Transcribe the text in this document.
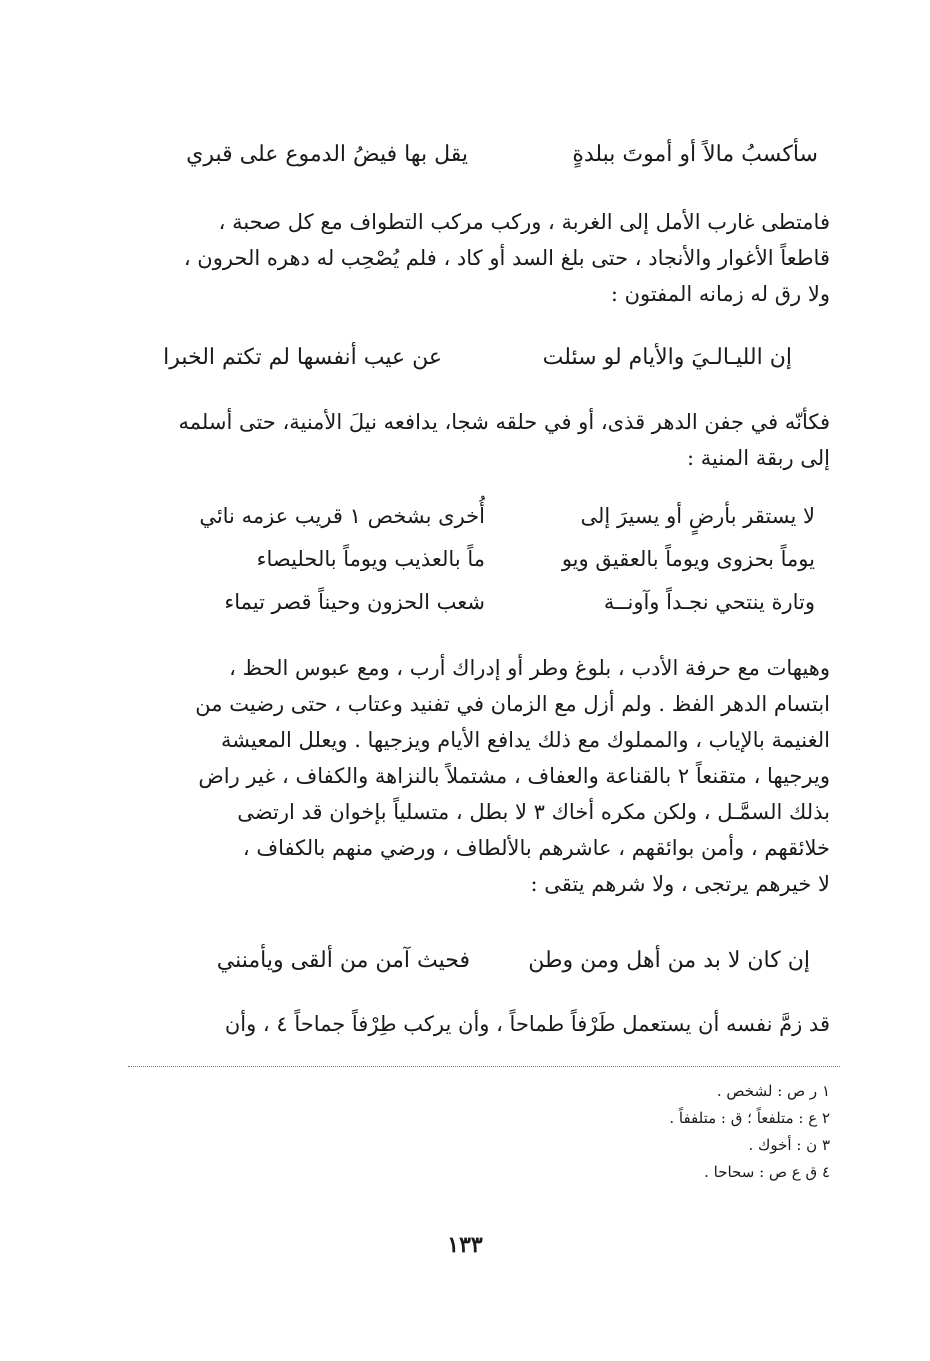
سأكسبُ مالاً أو أموتَ ببلدةٍ
يقل بها فيضُ الدموع على قبري
فامتطى غارب الأمل إلى الغربة ، وركب مركب التطواف مع كل صحبة ،
قاطعاً الأغوار والأنجاد ، حتى بلغ السد أو كاد ، فلم يُصْحِب له دهره الحرون ،
ولا رق له زمانه المفتون :
إن الليـالـيَ والأيام لو سئلت
عن عيب أنفسها لم تكتم الخبرا
فكأنّه في جفن الدهر قذى، أو في حلقه شجا، يدافعه نيلَ الأمنية، حتى أسلمه
إلى ربقة المنية :
لا يستقر بأرضٍ أو يسيرَ إلى
أُخرى بشخص ١ قريب عزمه نائي
يوماً بحزوى ويوماً بالعقيق ويو
ماً بالعذيب ويوماً بالحليصاء
وتارة ينتحي نجـداً وآونــة
شعب الحزون وحيناً قصر تيماء
وهيهات مع حرفة الأدب ، بلوغ وطر أو إدراك أرب ، ومع عبوس الحظ ،
ابتسام الدهر الفظ . ولم أزل مع الزمان في تفنيد وعتاب ، حتى رضيت من
الغنيمة بالإياب ، والمملوك مع ذلك يدافع الأيام ويزجيها . ويعلل المعيشة
ويرجيها ، متقنعاً ٢ بالقناعة والعفاف ، مشتملاً بالنزاهة والكفاف ، غير راض
بذلك السمَّـل ، ولكن مكره أخاك ٣ لا بطل ، متسلياً بإخوان قد ارتضى
خلائقهم ، وأمن بوائقهم ، عاشرهم بالألطاف ، ورضي منهم بالكفاف ،
لا خيرهم يرتجى ، ولا شرهم يتقى :
إن كان لا بد من أهل ومن وطن
فحيث آمن من ألقى ويأمنني
قد زمَّ نفسه أن يستعمل طَرْفاً طماحاً ، وأن يركب طِرْفاً جماحاً ٤ ، وأن
١ ر ص : لشخص .
٢ ع : متلفعاً ؛ ق : متلففاً .
٣ ن : أخوك .
٤ ق ع ص : سحاحا .
١٣٣
